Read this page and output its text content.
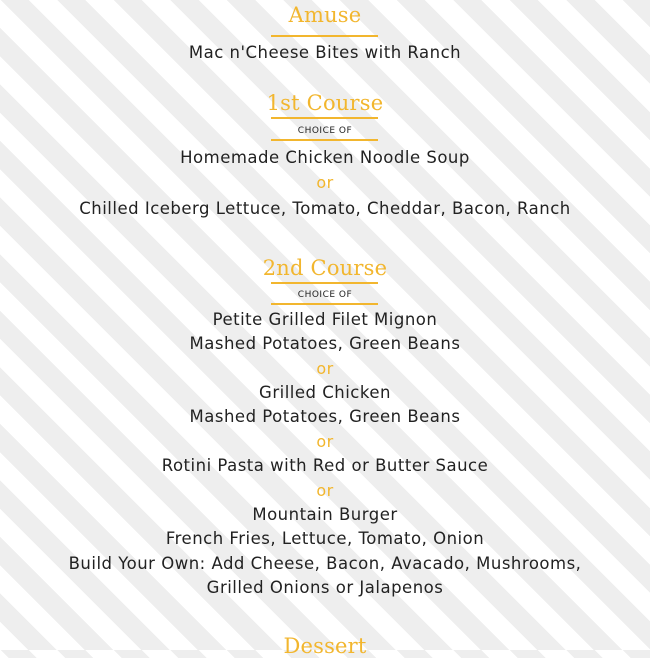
Amuse
Mac n'Cheese Bites with Ranch
1st Course
CHOICE OF
Homemade Chicken Noodle Soup
or
Chilled Iceberg Lettuce, Tomato, Cheddar, Bacon, Ranch
2nd Course
CHOICE OF
Petite Grilled Filet Mignon
Mashed Potatoes, Green Beans
or
Grilled Chicken
Mashed Potatoes, Green Beans
or
Rotini Pasta with Red or Butter Sauce
or
Mountain Burger
French Fries, Lettuce, Tomato, Onion
Build Your Own: Add Cheese, Bacon, Avacado, Mushrooms,
Grilled Onions or Jalapenos
Dessert
